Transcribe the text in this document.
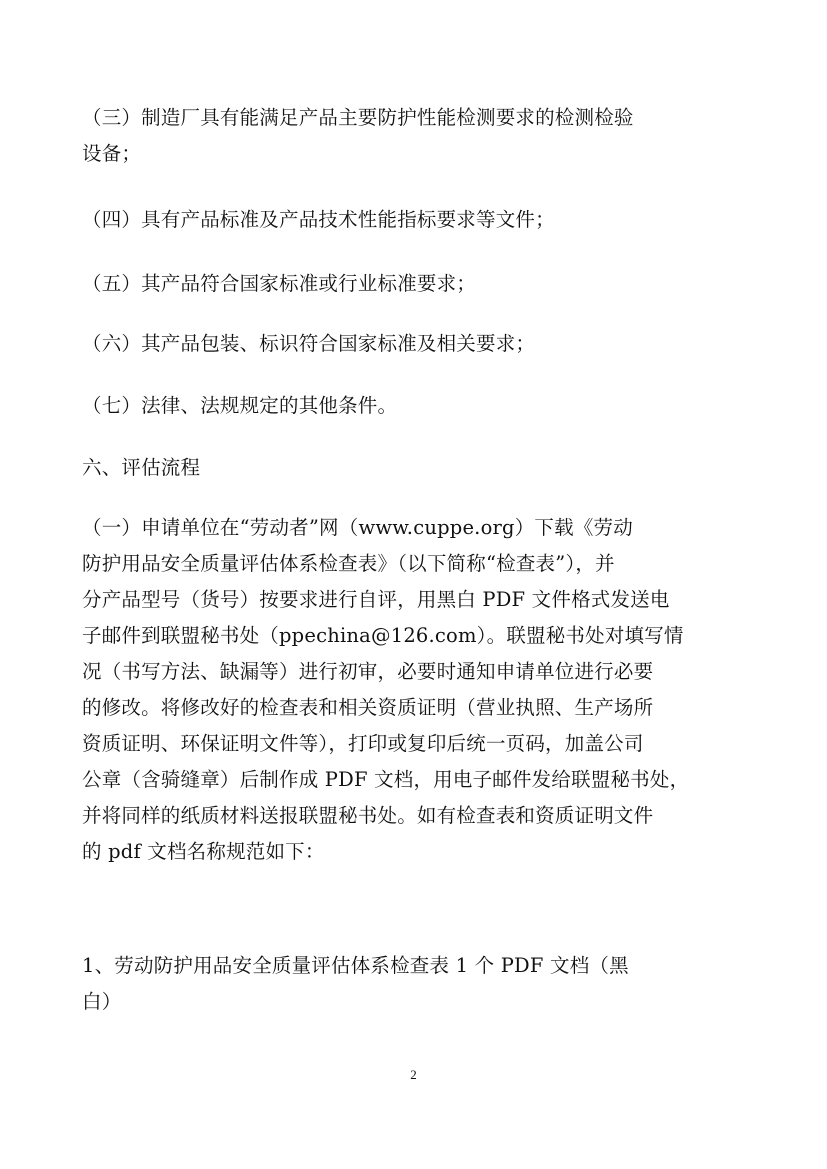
（三）制造厂具有能满足产品主要防护性能检测要求的检测检验
设备；
（四）具有产品标准及产品技术性能指标要求等文件；
（五）其产品符合国家标准或行业标准要求；
（六）其产品包装、标识符合国家标准及相关要求；
（七）法律、法规规定的其他条件。
六、评估流程
（一）申请单位在“劳动者”网（www.cuppe.org）下载《劳动
防护用品安全质量评估体系检查表》（以下简称“检查表”），并
分产品型号（货号）按要求进行自评，用黑白 PDF 文件格式发送电
子邮件到联盟秘书处（ppechina@126.com）。联盟秘书处对填写情
况（书写方法、缺漏等）进行初审，必要时通知申请单位进行必要
的修改。将修改好的检查表和相关资质证明（营业执照、生产场所
资质证明、环保证明文件等），打印或复印后统一页码，加盖公司
公章（含骑缝章）后制作成 PDF 文档，用电子邮件发给联盟秘书处，
并将同样的纸质材料送报联盟秘书处。如有检查表和资质证明文件
的 pdf 文档名称规范如下：
1、劳动防护用品安全质量评估体系检查表 1 个 PDF 文档（黑
白）
2
